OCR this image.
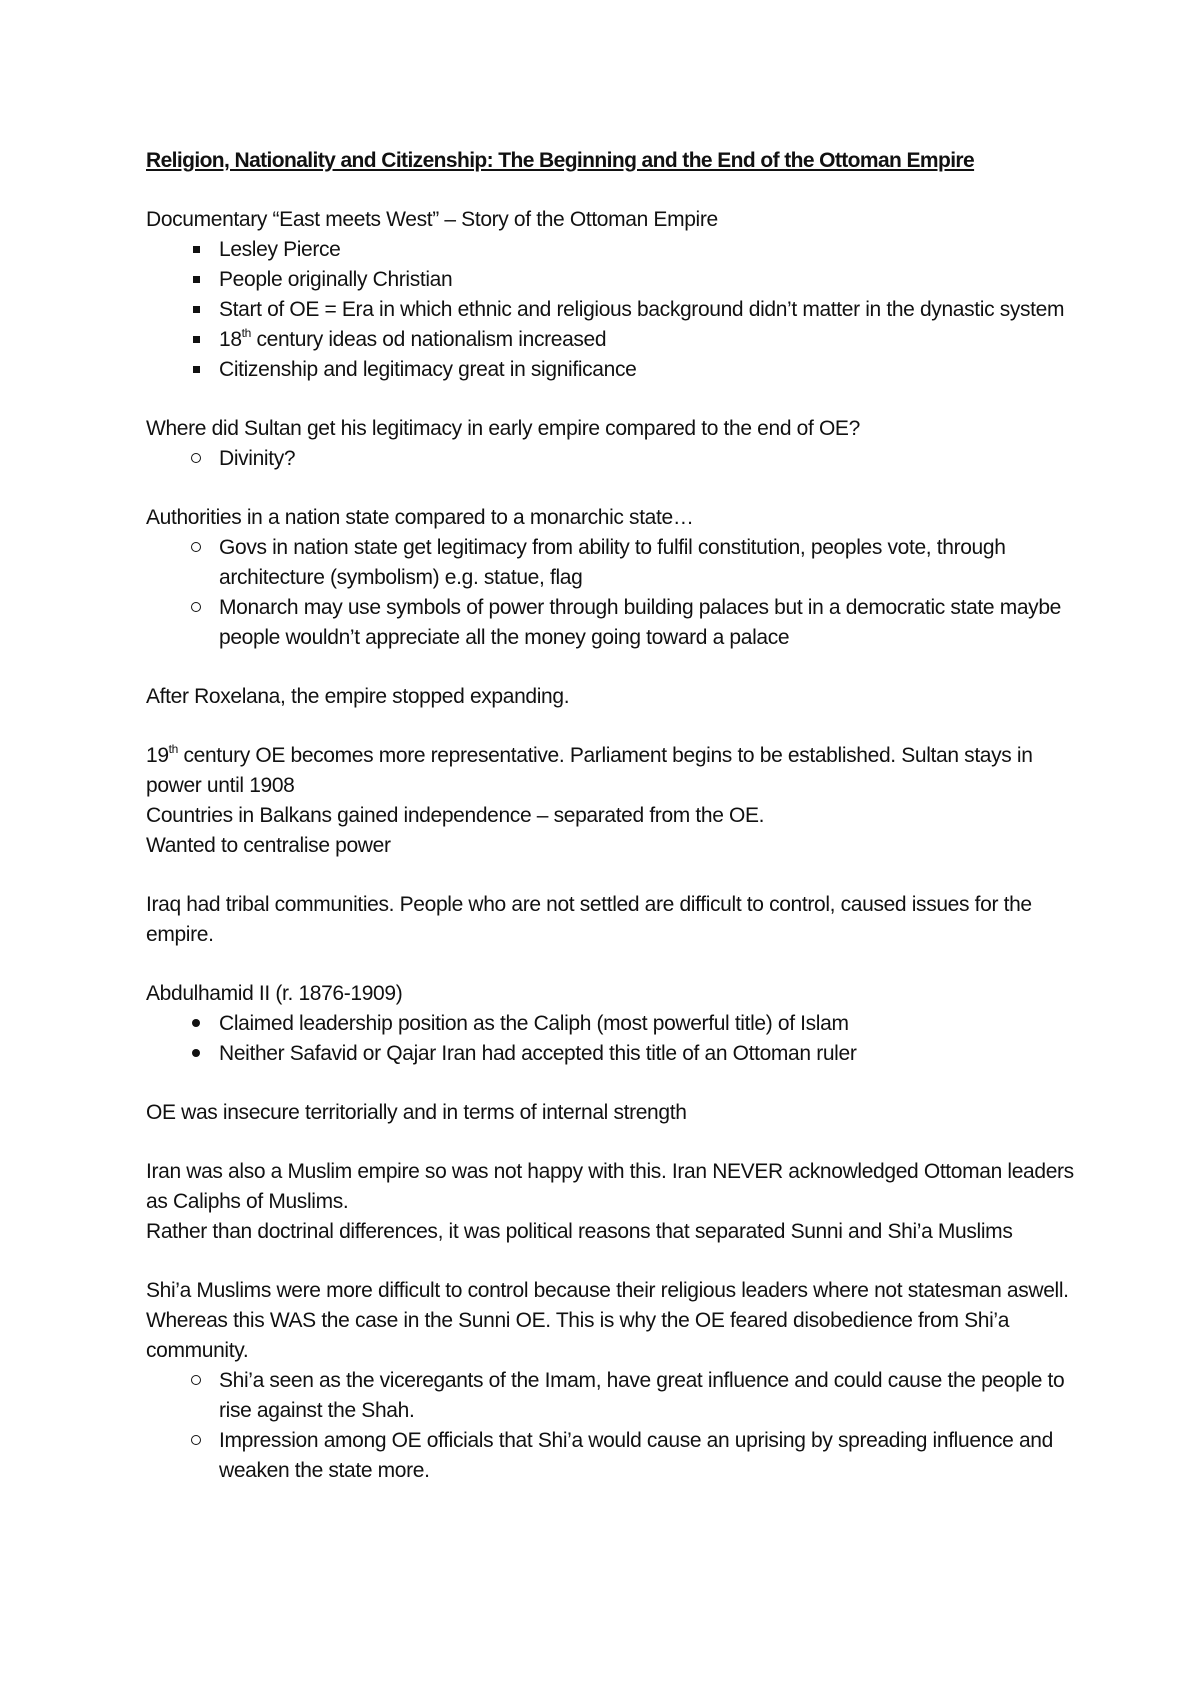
Religion, Nationality and Citizenship: The Beginning and the End of the Ottoman Empire

Documentary “East meets West” – Story of the Ottoman Empire

Lesley Pierce
People originally Christian
Start of OE = Era in which ethnic and religious background didn’t matter in the dynastic system
18th century ideas od nationalism increased
Citizenship and legitimacy great in significance

Where did Sultan get his legitimacy in early empire compared to the end of OE?

Divinity?

Authorities in a nation state compared to a monarchic state…

Govs in nation state get legitimacy from ability to fulfil constitution, peoples vote, through architecture (symbolism) e.g. statue, flag
Monarch may use symbols of power through building palaces but in a democratic state maybe people wouldn’t appreciate all the money going toward a palace

After Roxelana, the empire stopped expanding.

19th century OE becomes more representative. Parliament begins to be established. Sultan stays in power until 1908

Countries in Balkans gained independence – separated from the OE.

Wanted to centralise power

Iraq had tribal communities. People who are not settled are difficult to control, caused issues for the empire.

Abdulhamid II (r. 1876-1909)

Claimed leadership position as the Caliph (most powerful title) of Islam
Neither Safavid or Qajar Iran had accepted this title of an Ottoman ruler

OE was insecure territorially and in terms of internal strength

Iran was also a Muslim empire so was not happy with this. Iran NEVER acknowledged Ottoman leaders as Caliphs of Muslims.

Rather than doctrinal differences, it was political reasons that separated Sunni and Shi’a Muslims

Shi’a Muslims were more difficult to control because their religious leaders where not statesman aswell. Whereas this WAS the case in the Sunni OE. This is why the OE feared disobedience from Shi’a community.

Shi’a seen as the viceregants of the Imam, have great influence and could cause the people to rise against the Shah.
Impression among OE officials that Shi’a would cause an uprising by spreading influence and weaken the state more.
